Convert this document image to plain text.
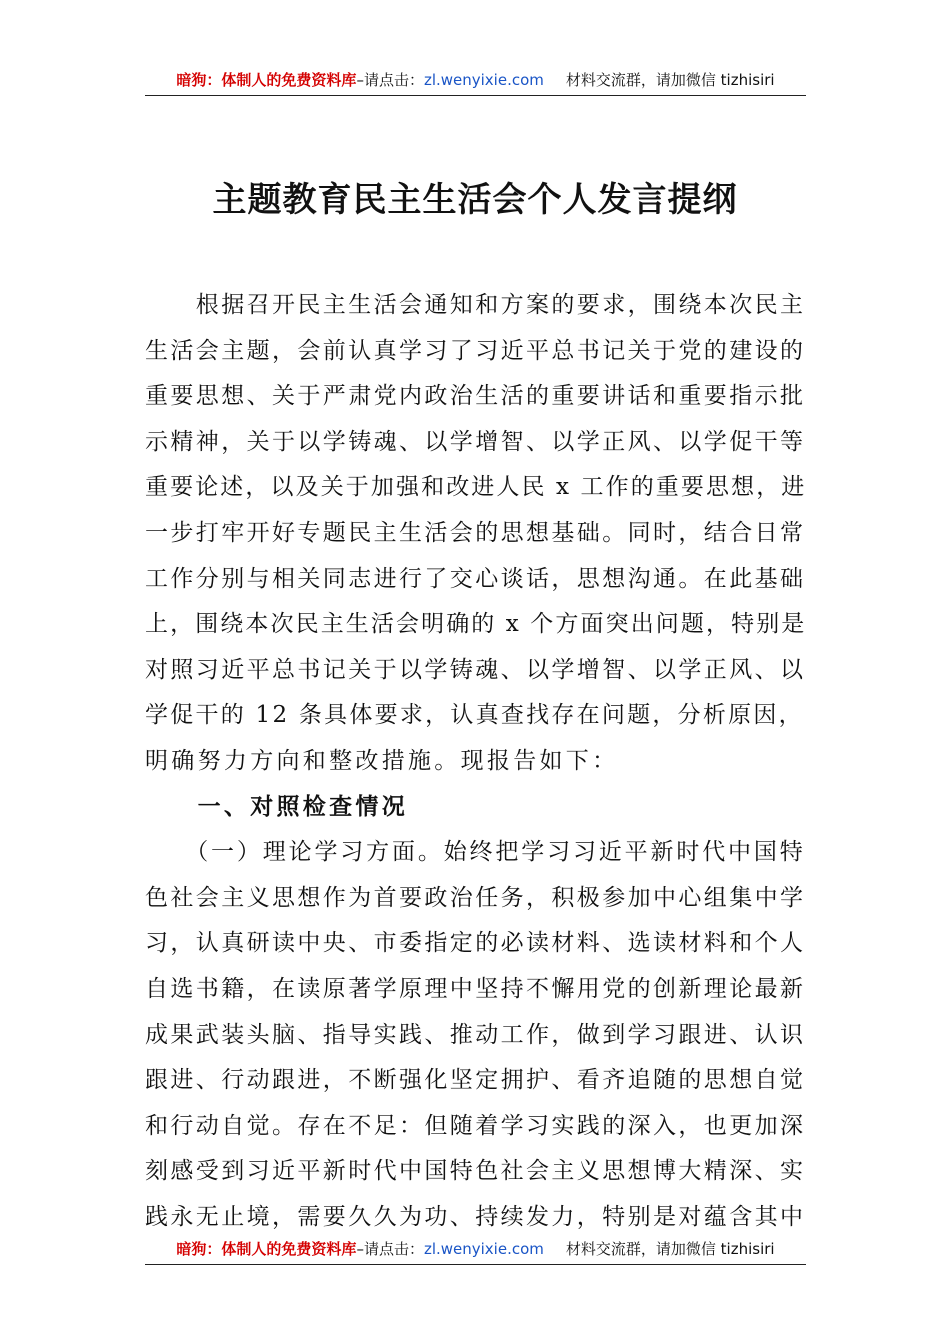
暗狗：体制人的免费资料库–请点击：zl.wenyixie.com 材料交流群，请加微信 tizhisiri
主题教育民主生活会个人发言提纲
　　根据召开民主生活会通知和方案的要求，围绕本次民主
生活会主题，会前认真学习了习近平总书记关于党的建设的
重要思想、关于严肃党内政治生活的重要讲话和重要指示批
示精神，关于以学铸魂、以学增智、以学正风、以学促干等
重要论述，以及关于加强和改进人民 x 工作的重要思想，进
一步打牢开好专题民主生活会的思想基础。同时，结合日常
工作分别与相关同志进行了交心谈话，思想沟通。在此基础
上，围绕本次民主生活会明确的 x 个方面突出问题，特别是
对照习近平总书记关于以学铸魂、以学增智、以学正风、以
学促干的 12 条具体要求，认真查找存在问题，分析原因，
明确努力方向和整改措施。现报告如下：
　　一、对照检查情况
　　（一）理论学习方面。始终把学习习近平新时代中国特
色社会主义思想作为首要政治任务，积极参加中心组集中学
习，认真研读中央、市委指定的必读材料、选读材料和个人
自选书籍，在读原著学原理中坚持不懈用党的创新理论最新
成果武装头脑、指导实践、推动工作，做到学习跟进、认识
跟进、行动跟进，不断强化坚定拥护、看齐追随的思想自觉
和行动自觉。存在不足：但随着学习实践的深入，也更加深
刻感受到习近平新时代中国特色社会主义思想博大精深、实
践永无止境，需要久久为功、持续发力，特别是对蕴含其中
暗狗：体制人的免费资料库–请点击：zl.wenyixie.com 材料交流群，请加微信 tizhisiri
